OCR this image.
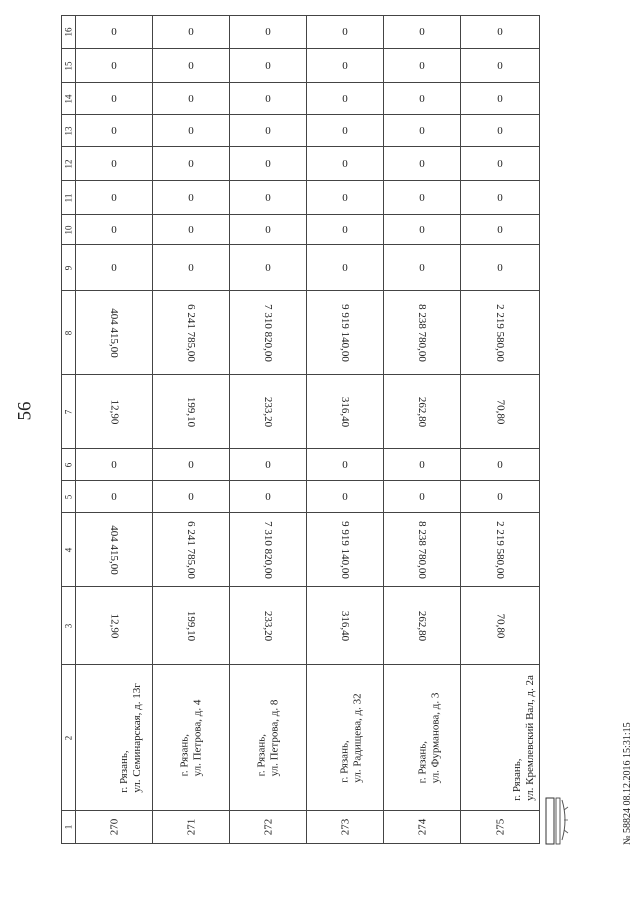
56
16	0	0	0	0	0	0
15	0	0	0	0	0	0
14	0	0	0	0	0	0
13	0	0	0	0	0	0
12	0	0	0	0	0	0
11	0	0	0	0	0	0
10	0	0	0	0	0	0
9	0	0	0	0	0	0
8	404 415,00	6 241 785,00	7 310 820,00	9 919 140,00	8 238 780,00	2 219 580,00
7	12,90	199,10	233,20	316,40	262,80	70,80
6	0	0	0	0	0	0
5	0	0	0	0	0	0
4	404 415,00	6 241 785,00	7 310 820,00	9 919 140,00	8 238 780,00	2 219 580,00
3	12,90	199,10	233,20	316,40	262,80	70,80
2	г. Рязань,
ул. Семинарская, д. 13г	г. Рязань,
ул. Петрова, д. 4	г. Рязань,
ул. Петрова, д. 8	г. Рязань,
ул. Радищева, д. 32	г. Рязань,
ул. Фурманова, д. 3	г. Рязань,
ул. Кремлевский Вал, д. 2а
1	270	271	272	273	274	275	№ 58824 08.12.2016 15:31:15
